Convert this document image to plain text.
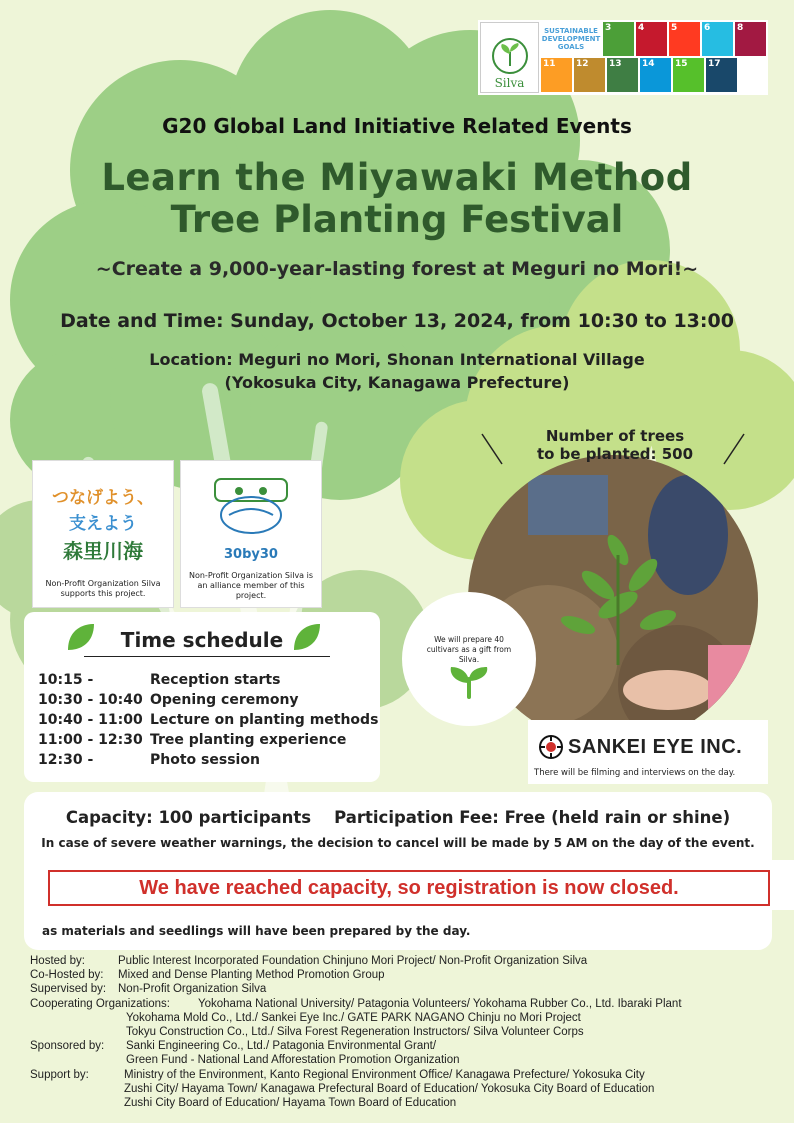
Silva
SUSTAINABLE DEVELOPMENT GOALS
3	4	5	6	8
11	12	13	14	15	17
G20 Global Land Initiative Related Events
Learn the Miyawaki Method
Tree Planting Festival
~Create a 9,000-year-lasting forest at Meguri no Mori!~
Date and Time: Sunday, October 13, 2024, from 10:30 to 13:00
Location: Meguri no Mori, Shonan International Village
(Yokosuka City, Kanagawa Prefecture)
Number of trees
to be planted: 500
つなげよう、
支えよう
森里川海
Non-Profit Organization Silva supports this project.
30by30
Non-Profit Organization Silva is an alliance member of this project.
We will prepare 40 cultivars as a gift from Silva.
Time schedule
10:15 -	Reception starts
10:30 - 10:40 Opening ceremony
10:40 - 11:00 Lecture on planting methods
11:00 - 12:30 Tree planting experience
12:30 -	Photo session
SANKEI EYE INC.
There will be filming and interviews on the day.
Capacity: 100 participants    Participation Fee: Free (held rain or shine)
In case of severe weather warnings, the decision to cancel will be made by 5 AM on the day of the event.
as materials and seedlings will have been prepared by the day.
We have reached capacity, so registration is now closed.
Hosted by:	Public Interest Incorporated Foundation Chinjuno Mori Project/ Non-Profit Organization Silva
Co-Hosted by: Mixed and Dense Planting Method Promotion Group
Supervised by: Non-Profit Organization Silva
Cooperating Organizations: Yokohama National University/ Patagonia Volunteers/ Yokohama Rubber Co., Ltd. Ibaraki Plant
Yokohama Mold Co., Ltd./ Sankei Eye Inc./ GATE PARK NAGANO Chinju no Mori Project
Tokyu Construction Co., Ltd./ Silva Forest Regeneration Instructors/ Silva Volunteer Corps
Sponsored by: Sanki Engineering Co., Ltd./ Patagonia Environmental Grant/
Green Fund - National Land Afforestation Promotion Organization
Support by:	Ministry of the Environment, Kanto Regional Environment Office/ Kanagawa Prefecture/ Yokosuka City
Zushi City/ Hayama Town/ Kanagawa Prefectural Board of Education/ Yokosuka City Board of Education
Zushi City Board of Education/ Hayama Town Board of Education
